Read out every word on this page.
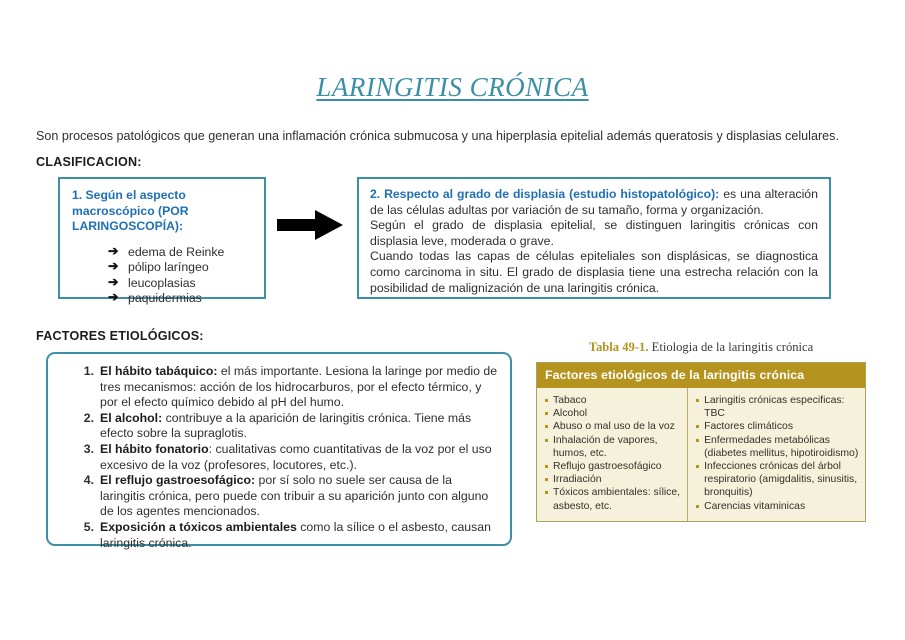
LARINGITIS CRÓNICA
Son procesos patológicos que generan una inflamación crónica submucosa y una hiperplasia epitelial además queratosis y displasias celulares.
CLASIFICACION:
1. Según el aspecto macroscópico (POR LARINGOSCOPÍA):
➔ edema de Reinke
➔ pólipo laríngeo
➔ leucoplasias
➔ paquidermias

2. Respecto al grado de displasia (estudio histopatológico): es una alteración de las células adultas por variación de su tamaño, forma y organización.

Según el grado de displasia epitelial, se distinguen laringitis crónicas con displasia leve, moderada o grave.

Cuando todas las capas de células epiteliales son displásicas, se diagnostica como carcinoma in situ. El grado de displasia tiene una estrecha relación con la posibilidad de malignización de una laringitis crónica.

FACTORES ETIOLÓGICOS:
1. El hábito tabáquico: el más importante. Lesiona la laringe por medio de tres mecanismos: acción de los hidrocarburos, por el efecto térmico, y por el efecto químico debido al pH del humo.
2. El alcohol: contribuye a la aparición de laringitis crónica. Tiene más efecto sobre la supraglotis.
3. El hábito fonatorio: cualitativas como cuantitativas de la voz por el uso excesivo de la voz (profesores, locutores, etc.).
4. El reflujo gastroesofágico: por sí solo no suele ser causa de la laringitis crónica, pero puede con tribuir a su aparición junto con alguno de los agentes mencionados.
5. Exposición a tóxicos ambientales como la sílice o el asbesto, causan laringitis crónica.
Tabla 49-1. Etiologia de la laringitis crónica
Factores etiológicos de la laringitis crónica
Tabaco
Alcohol
Abuso o mal uso de la voz
Inhalación de vapores, humos, etc.
Reflujo gastroesofágico
Irradiación
Tóxicos ambientales: sílice, asbesto, etc.
Laringitis crónicas especificas: TBC
Factores climáticos
Enfermedades metabólicas (diabetes mellitus, hipotiroidismo)
Infecciones crónicas del árbol respiratorio (amigdalitis, sinusitis, bronquitis)
Carencias vitaminicas
